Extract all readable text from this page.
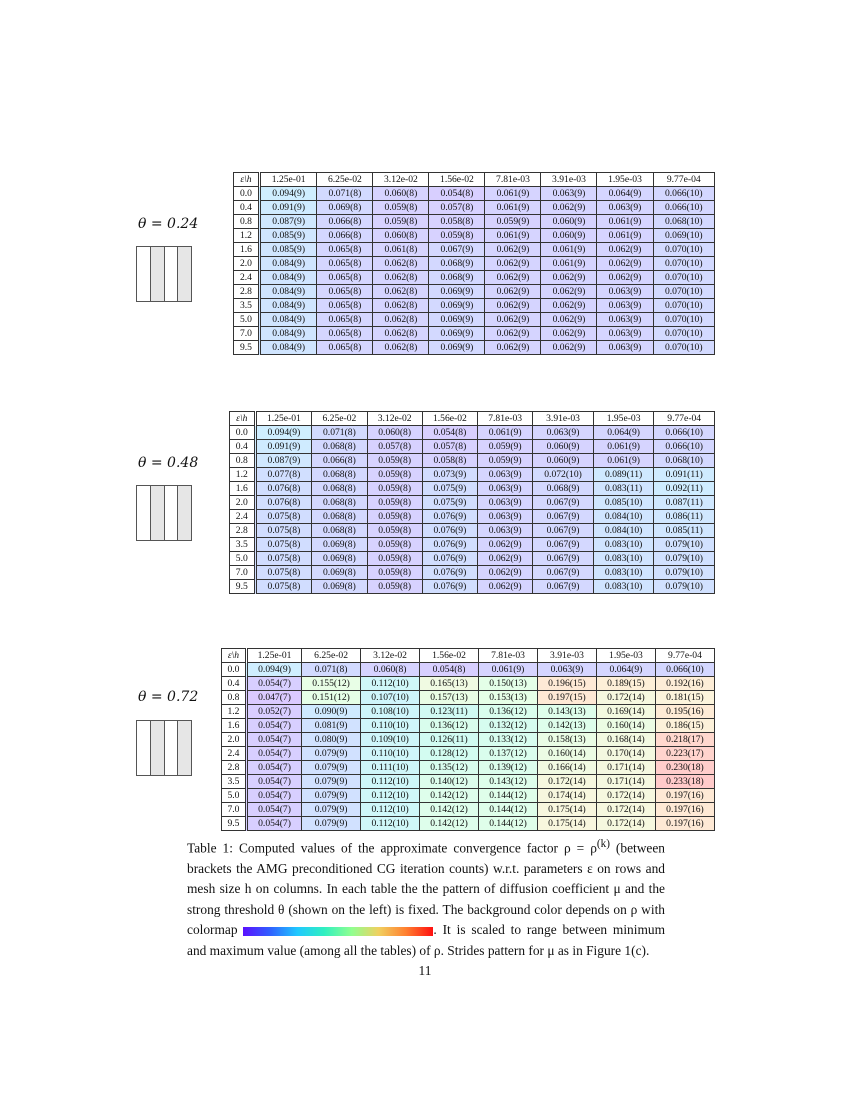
θ = 0.24
ε\h	1.25e-01	6.25e-02	3.12e-02	1.56e-02	7.81e-03	3.91e-03	1.95e-03	9.77e-04
0.0	0.094(9)	0.071(8)	0.060(8)	0.054(8)	0.061(9)	0.063(9)	0.064(9)	0.066(10)
0.4	0.091(9)	0.069(8)	0.059(8)	0.057(8)	0.061(9)	0.062(9)	0.063(9)	0.066(10)
0.8	0.087(9)	0.066(8)	0.059(8)	0.058(8)	0.059(9)	0.060(9)	0.061(9)	0.068(10)
1.2	0.085(9)	0.066(8)	0.060(8)	0.059(8)	0.061(9)	0.060(9)	0.061(9)	0.069(10)
1.6	0.085(9)	0.065(8)	0.061(8)	0.067(9)	0.062(9)	0.061(9)	0.062(9)	0.070(10)
2.0	0.084(9)	0.065(8)	0.062(8)	0.068(9)	0.062(9)	0.061(9)	0.062(9)	0.070(10)
2.4	0.084(9)	0.065(8)	0.062(8)	0.068(9)	0.062(9)	0.062(9)	0.062(9)	0.070(10)
2.8	0.084(9)	0.065(8)	0.062(8)	0.069(9)	0.062(9)	0.062(9)	0.063(9)	0.070(10)
3.5	0.084(9)	0.065(8)	0.062(8)	0.069(9)	0.062(9)	0.062(9)	0.063(9)	0.070(10)
5.0	0.084(9)	0.065(8)	0.062(8)	0.069(9)	0.062(9)	0.062(9)	0.063(9)	0.070(10)
7.0	0.084(9)	0.065(8)	0.062(8)	0.069(9)	0.062(9)	0.062(9)	0.063(9)	0.070(10)
9.5	0.084(9)	0.065(8)	0.062(8)	0.069(9)	0.062(9)	0.062(9)	0.063(9)	0.070(10)
θ = 0.48
ε\h	1.25e-01	6.25e-02	3.12e-02	1.56e-02	7.81e-03	3.91e-03	1.95e-03	9.77e-04
0.0	0.094(9)	0.071(8)	0.060(8)	0.054(8)	0.061(9)	0.063(9)	0.064(9)	0.066(10)
0.4	0.091(9)	0.068(8)	0.057(8)	0.057(8)	0.059(9)	0.060(9)	0.061(9)	0.066(10)
0.8	0.087(9)	0.066(8)	0.059(8)	0.058(8)	0.059(9)	0.060(9)	0.061(9)	0.068(10)
1.2	0.077(8)	0.068(8)	0.059(8)	0.073(9)	0.063(9)	0.072(10)	0.089(11)	0.091(11)
1.6	0.076(8)	0.068(8)	0.059(8)	0.075(9)	0.063(9)	0.068(9)	0.083(11)	0.092(11)
2.0	0.076(8)	0.068(8)	0.059(8)	0.075(9)	0.063(9)	0.067(9)	0.085(10)	0.087(11)
2.4	0.075(8)	0.068(8)	0.059(8)	0.076(9)	0.063(9)	0.067(9)	0.084(10)	0.086(11)
2.8	0.075(8)	0.068(8)	0.059(8)	0.076(9)	0.063(9)	0.067(9)	0.084(10)	0.085(11)
3.5	0.075(8)	0.069(8)	0.059(8)	0.076(9)	0.062(9)	0.067(9)	0.083(10)	0.079(10)
5.0	0.075(8)	0.069(8)	0.059(8)	0.076(9)	0.062(9)	0.067(9)	0.083(10)	0.079(10)
7.0	0.075(8)	0.069(8)	0.059(8)	0.076(9)	0.062(9)	0.067(9)	0.083(10)	0.079(10)
9.5	0.075(8)	0.069(8)	0.059(8)	0.076(9)	0.062(9)	0.067(9)	0.083(10)	0.079(10)
θ = 0.72
ε\h	1.25e-01	6.25e-02	3.12e-02	1.56e-02	7.81e-03	3.91e-03	1.95e-03	9.77e-04
0.0	0.094(9)	0.071(8)	0.060(8)	0.054(8)	0.061(9)	0.063(9)	0.064(9)	0.066(10)
0.4	0.054(7)	0.155(12)	0.112(10)	0.165(13)	0.150(13)	0.196(15)	0.189(15)	0.192(16)
0.8	0.047(7)	0.151(12)	0.107(10)	0.157(13)	0.153(13)	0.197(15)	0.172(14)	0.181(15)
1.2	0.052(7)	0.090(9)	0.108(10)	0.123(11)	0.136(12)	0.143(13)	0.169(14)	0.195(16)
1.6	0.054(7)	0.081(9)	0.110(10)	0.136(12)	0.132(12)	0.142(13)	0.160(14)	0.186(15)
2.0	0.054(7)	0.080(9)	0.109(10)	0.126(11)	0.133(12)	0.158(13)	0.168(14)	0.218(17)
2.4	0.054(7)	0.079(9)	0.110(10)	0.128(12)	0.137(12)	0.160(14)	0.170(14)	0.223(17)
2.8	0.054(7)	0.079(9)	0.111(10)	0.135(12)	0.139(12)	0.166(14)	0.171(14)	0.230(18)
3.5	0.054(7)	0.079(9)	0.112(10)	0.140(12)	0.143(12)	0.172(14)	0.171(14)	0.233(18)
5.0	0.054(7)	0.079(9)	0.112(10)	0.142(12)	0.144(12)	0.174(14)	0.172(14)	0.197(16)
7.0	0.054(7)	0.079(9)	0.112(10)	0.142(12)	0.144(12)	0.175(14)	0.172(14)	0.197(16)
9.5	0.054(7)	0.079(9)	0.112(10)	0.142(12)	0.144(12)	0.175(14)	0.172(14)	0.197(16)
Table 1: Computed values of the approximate convergence factor $\rho = \rho^{(k)}$ (between brackets the AMG preconditioned CG iteration counts) w.r.t. parameters ε on rows and mesh size h on columns. In each table the the pattern of diffusion coefficient μ and the strong threshold θ (shown on the left) is fixed. The background color depends on ρ with colormap	. It is scaled to range between minimum and maximum value (among all the tables) of ρ. Strides pattern for μ as in Figure 1(c).
11
